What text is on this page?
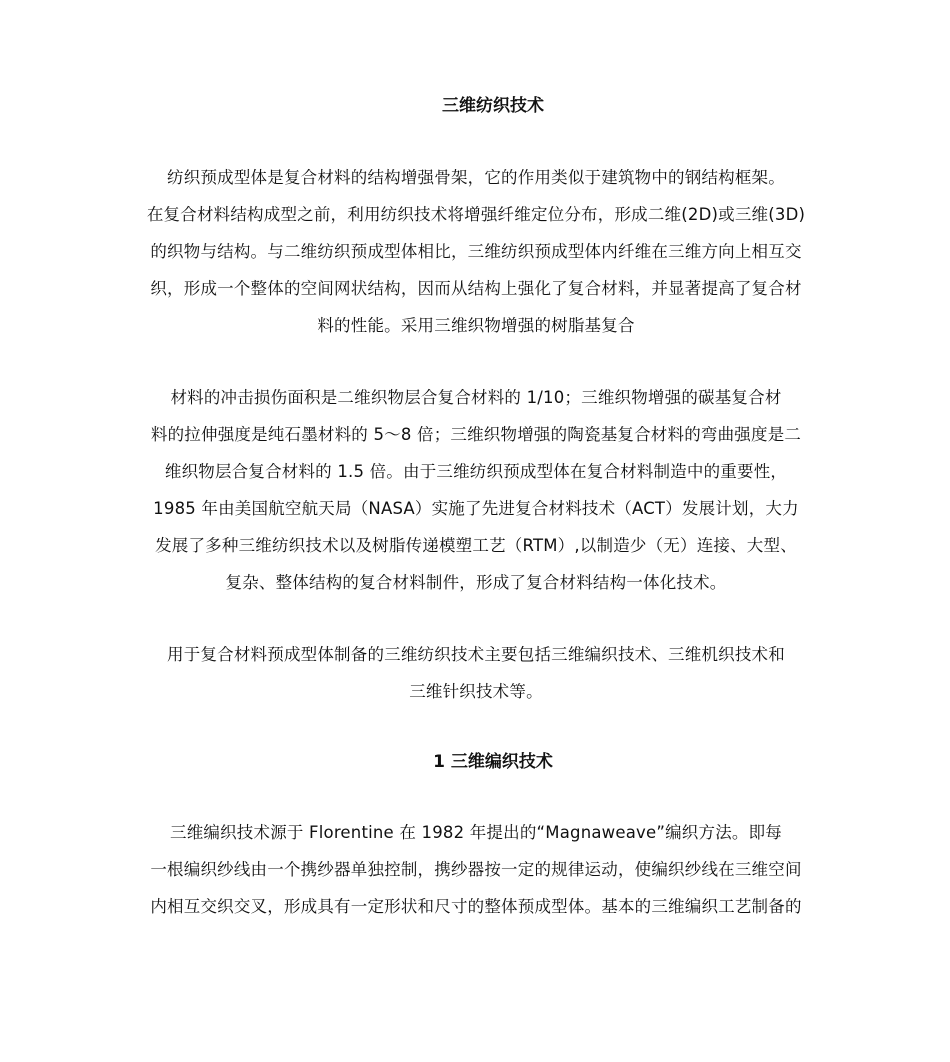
三维纺织技术
纺织预成型体是复合材料的结构增强骨架，它的作用类似于建筑物中的钢结构框架。
在复合材料结构成型之前，利用纺织技术将增强纤维定位分布，形成二维(2D)或三维(3D)
的织物与结构。与二维纺织预成型体相比，三维纺织预成型体内纤维在三维方向上相互交
织，形成一个整体的空间网状结构，因而从结构上强化了复合材料，并显著提高了复合材
料的性能。采用三维织物增强的树脂基复合
材料的冲击损伤面积是二维织物层合复合材料的 1/10；三维织物增强的碳基复合材
料的拉伸强度是纯石墨材料的 5～8 倍；三维织物增强的陶瓷基复合材料的弯曲强度是二
维织物层合复合材料的 1.5 倍。由于三维纺织预成型体在复合材料制造中的重要性，
1985 年由美国航空航天局（NASA）实施了先进复合材料技术（ACT）发展计划，大力
发展了多种三维纺织技术以及树脂传递模塑工艺（RTM）,以制造少（无）连接、大型、
复杂、整体结构的复合材料制件，形成了复合材料结构一体化技术。
用于复合材料预成型体制备的三维纺织技术主要包括三维编织技术、三维机织技术和
三维针织技术等。
1 三维编织技术
三维编织技术源于 Florentine 在 1982 年提出的“Magnaweave”编织方法。即每
一根编织纱线由一个携纱器单独控制，携纱器按一定的规律运动，使编织纱线在三维空间
内相互交织交叉，形成具有一定形状和尺寸的整体预成型体。基本的三维编织工艺制备的
